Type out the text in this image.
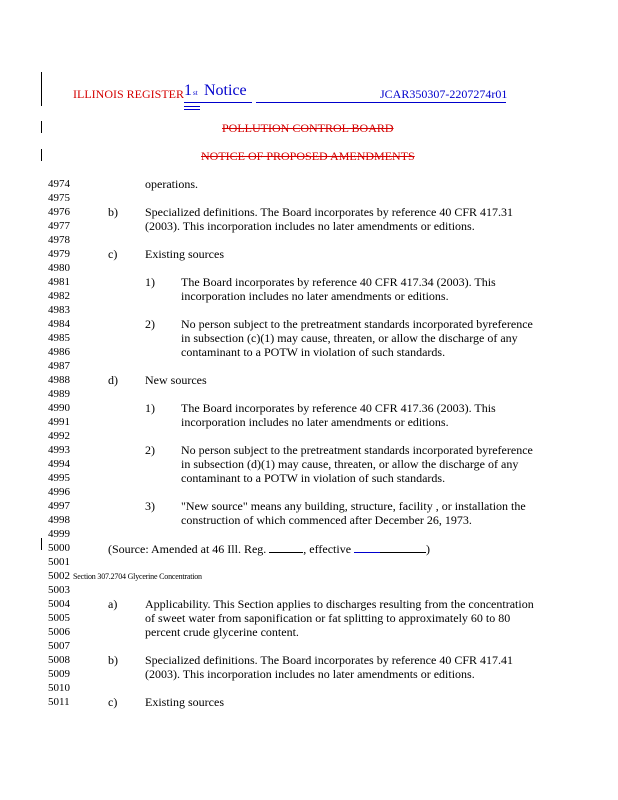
ILLINOIS REGISTER 1 st Notice	JCAR350307-2207274r01
POLLUTION CONTROL BOARD
NOTICE OF PROPOSED AMENDMENTS
4974
4975
4976
4977
4978
4979
4980
4981
4982
4983
4984
4985
4986
4987
4988
4989
4990
4991
4992
4993
4994
4995
4996
4997
4998
4999
5000
5001
5002
5003
5004
5005
5006
5007
5008
5009
5010
5011
operations.
b) Specialized definitions. The Board incorporates by reference 40 CFR 417.31
(2003). This incorporation includes no later amendments or editions.
c) Existing sources
1) The Board incorporates by reference 40 CFR 417.34 (2003). This
incorporation includes no later amendments or editions.
2) No person subject to the pretreatment standards incorporated byreference
in subsection (c)(1) may cause, threaten, or allow the discharge of any
contaminant to a POTW in violation of such standards.
d) New sources
1) The Board incorporates by reference 40 CFR 417.36 (2003). This
incorporation includes no later amendments or editions.
2) No person subject to the pretreatment standards incorporated byreference
in subsection (d)(1) may cause, threaten, or allow the discharge of any
contaminant to a POTW in violation of such standards.
3) "New source" means any building, structure, facility , or installation the
construction of which commenced after December 26, 1973.
(Source: Amended at 46 Ill. Reg.	, effective	)
Section 307.2704 Glycerine Concentration
a) Applicability. This Section applies to discharges resulting from the concentration
of sweet water from saponification or fat splitting to approximately 60 to 80
percent crude glycerine content.
b) Specialized definitions. The Board incorporates by reference 40 CFR 417.41
(2003). This incorporation includes no later amendments or editions.
c) Existing sources
